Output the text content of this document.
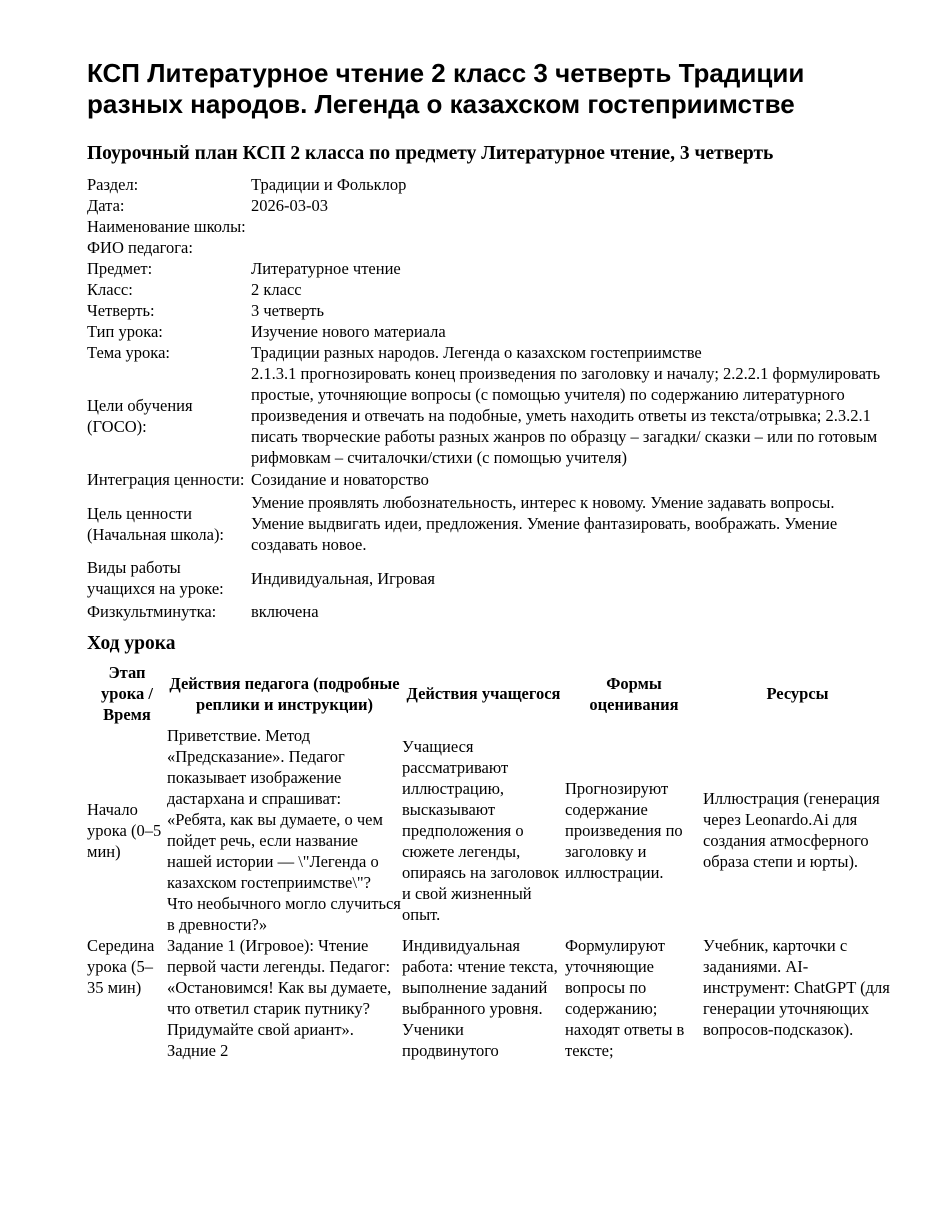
КСП Литературное чтение 2 класс 3 четверть Традиции разных народов. Легенда о казахском гостеприимстве
Поурочный план КСП 2 класса по предмету Литературное чтение, 3 четверть
Раздел:	Традиции и Фольклор
Дата:	2026-03-03
Наименование школы:	
ФИО педагога:	
Предмет:	Литературное чтение
Класс:	2 класс
Четверть:	3 четверть
Тип урока:	Изучение нового материала
Тема урока:	Традиции разных народов. Легенда о казахском гостеприимстве
Цели обучения (ГОСО):	2.1.3.1 прогнозировать конец произведения по заголовку и началу; 2.2.2.1 формулировать простые, уточняющие вопросы (с помощью учителя) по содержанию литературного произведения и отвечать на подобные, уметь находить ответы из текста/отрывка; 2.3.2.1 писать творческие работы разных жанров по образцу – загадки/ сказки – или по готовым рифмовкам – считалочки/стихи (с помощью учителя)
Интеграция ценности:	Созидание и новаторство
Цель ценности (Начальная школа):	Умение проявлять любознательность, интерес к новому. Умение задавать вопросы. Умение выдвигать идеи, предложения. Умение фантазировать, воображать. Умение создавать новое.
Виды работы учащихся на уроке:	Индивидуальная, Игровая
Физкультминутка:	включена
Ход урока
Этап урока / Время	Действия педагога (подробные реплики и инструкции)	Действия учащегося	Формы оценивания	Ресурсы
Начало урока (0–5 мин)	Приветствие. Метод «Предсказание». Педагог показывает изображение дастархана и спрашиват: «Ребята, как вы думаете, о чем пойдет речь, если название нашей истории — \"Легенда о казахском гостеприимстве\"? Что необычного могло случиться в древности?»	Учащиеся рассматривают иллюстрацию, высказывают предположения о сюжете легенды, опираясь на заголовок и свой жизненный опыт.	Прогнозируют содержание произведения по заголовку и иллюстрации.	Иллюстрация (генерация через Leonardo.Ai для создания атмосферного образа степи и юрты).
Середина урока (5–35 мин)	Задание 1 (Игровое): Чтение первой части легенды. Педагог: «Остановимся! Как вы думаете, что ответил старик путнику? Придумайте свой ариант». Задние 2	Индивидуальная работа: чтение текста, выполнение заданий выбранного уровня. Ученики продвинутого	Формулируют уточняющие вопросы по содержанию; находят ответы в тексте;	Учебник, карточки с заданиями. AI-инструмент: ChatGPT (для генерации уточняющих вопросов-подсказок).
